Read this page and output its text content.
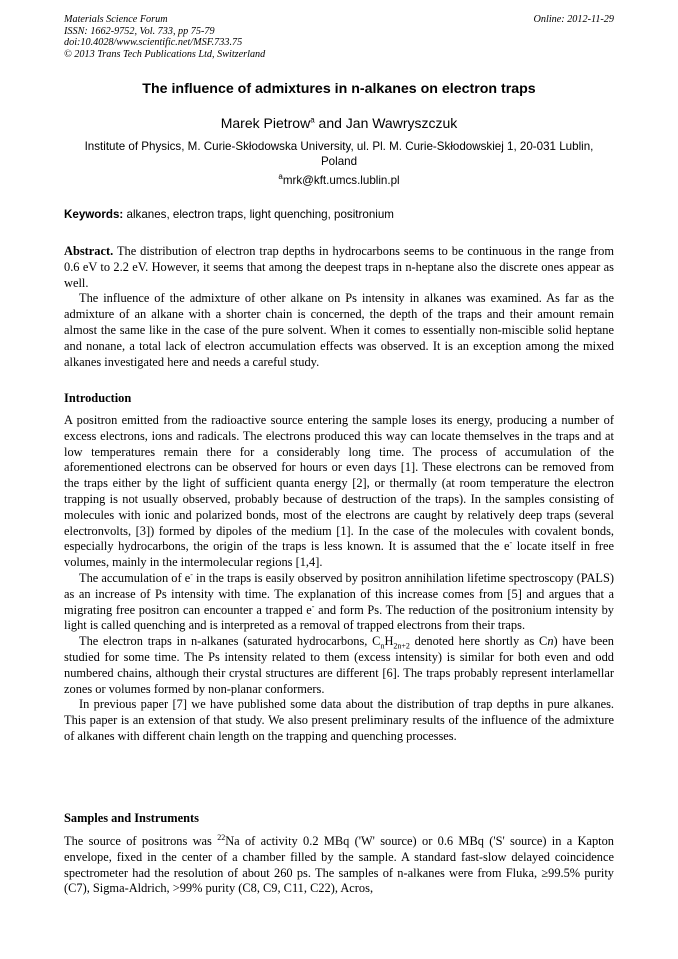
Materials Science Forum
ISSN: 1662-9752, Vol. 733, pp 75-79
doi:10.4028/www.scientific.net/MSF.733.75
© 2013 Trans Tech Publications Ltd, Switzerland
Online: 2012-11-29
The influence of admixtures in n-alkanes on electron traps
Marek Pietrow$^a$ and Jan Wawryszczuk
Institute of Physics, M. Curie-Skłodowska University, ul. Pl. M. Curie-Skłodowskiej 1, 20-031 Lublin, Poland
$^a$mrk@kft.umcs.lublin.pl
Keywords: alkanes, electron traps, light quenching, positronium

Abstract. The distribution of electron trap depths in hydrocarbons seems to be continuous in the range from 0.6 eV to 2.2 eV. However, it seems that among the deepest traps in n-heptane also the discrete ones appear as well.

The influence of the admixture of other alkane on Ps intensity in alkanes was examined. As far as the admixture of an alkane with a shorter chain is concerned, the depth of the traps and their amount remain almost the same like in the case of the pure solvent. When it comes to essentially non-miscible solid heptane and nonane, a total lack of electron accumulation effects was observed. It is an exception among the mixed alkanes investigated here and needs a careful study.

Introduction

A positron emitted from the radioactive source entering the sample loses its energy, producing a number of excess electrons, ions and radicals. The electrons produced this way can locate themselves in the traps and at low temperatures remain there for a considerably long time. The process of accumulation of the aforementioned electrons can be observed for hours or even days [1]. These electrons can be removed from the traps either by the light of sufficient quanta energy [2], or thermally (at room temperature the electron trapping is not usually observed, probably because of destruction of the traps). In the samples consisting of molecules with ionic and polarized bonds, most of the electrons are caught by relatively deep traps (several electronvolts, [3]) formed by dipoles of the medium [1]. In the case of the molecules with covalent bonds, especially hydrocarbons, the origin of the traps is less known. It is assumed that the e- locate itself in free volumes, mainly in the intermolecular regions [1,4].

The accumulation of e- in the traps is easily observed by positron annihilation lifetime spectroscopy (PALS) as an increase of Ps intensity with time. The explanation of this increase comes from [5] and argues that a migrating free positron can encounter a trapped e- and form Ps. The reduction of the positronium intensity by light is called quenching and is interpreted as a removal of trapped electrons from their traps.

The electron traps in n-alkanes (saturated hydrocarbons, $C_nH_{2n+2}$ denoted here shortly as Cn) have been studied for some time. The Ps intensity related to them (excess intensity) is similar for both even and odd numbered chains, although their crystal structures are different [6]. The traps probably represent interlamellar zones or volumes formed by non-planar conformers.

In previous paper [7] we have published some data about the distribution of trap depths in pure alkanes. This paper is an extension of that study. We also present preliminary results of the influence of the admixture of alkanes with different chain length on the trapping and quenching processes.

Samples and Instruments

The source of positrons was $^{22}$Na of activity 0.2 MBq ('W' source) or 0.6 MBq ('S' source) in a Kapton envelope, fixed in the center of a chamber filled by the sample. A standard fast-slow delayed coincidence spectrometer had the resolution of about 260 ps. The samples of n-alkanes were from Fluka, ≥99.5% purity (C7), Sigma-Aldrich, >99% purity (C8, C9, C11, C22), Acros,
